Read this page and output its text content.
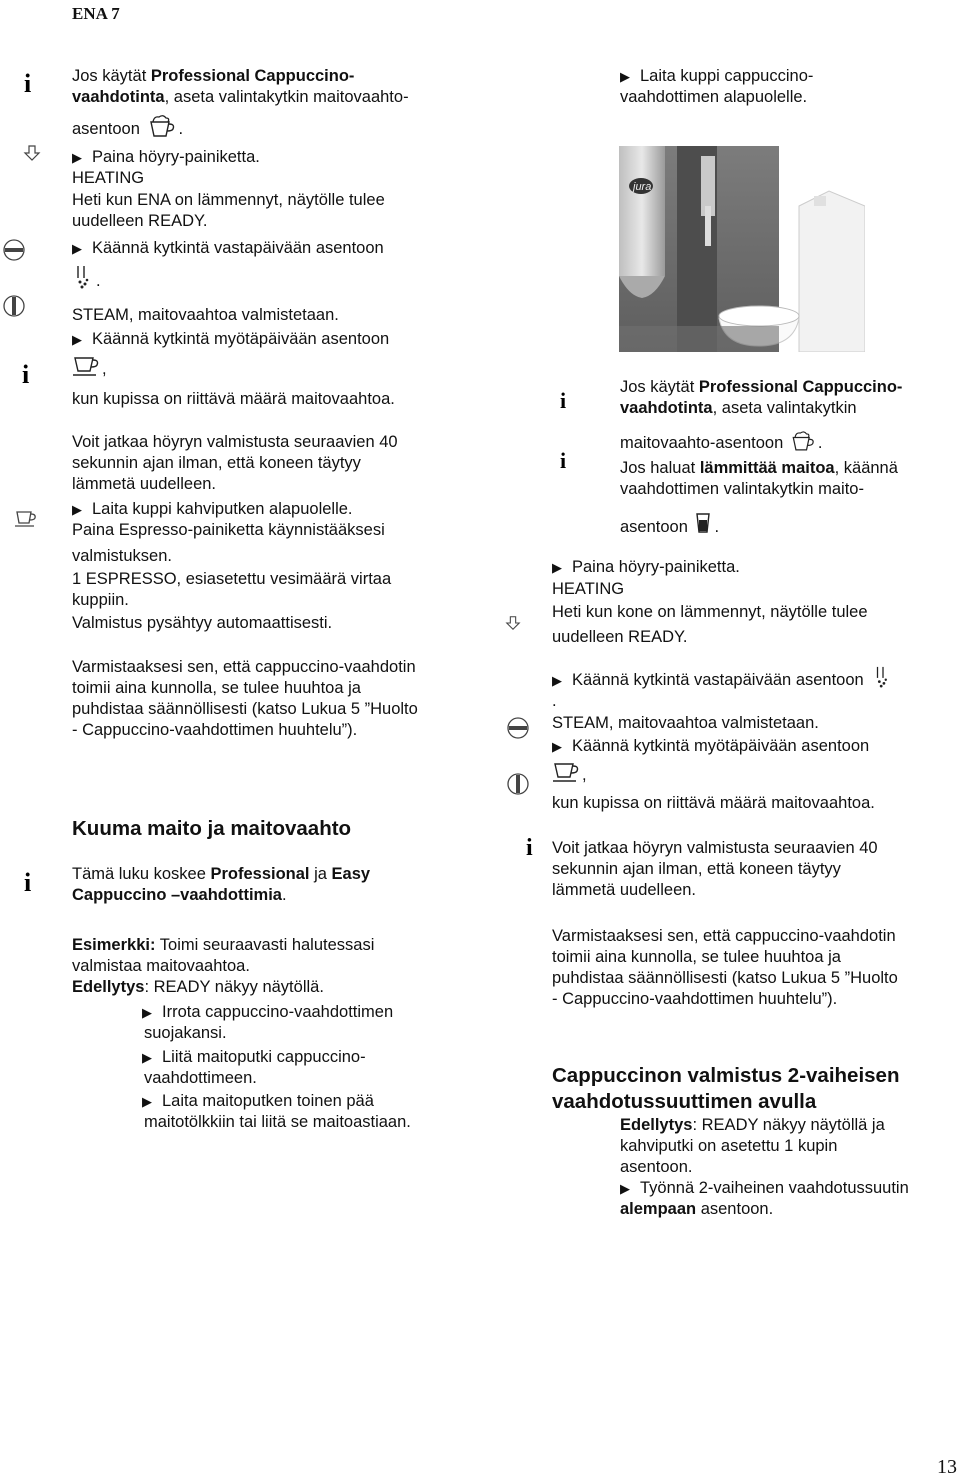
ENA 7
i
i
i
Jos käytät Professional Cappuccino-
vaahdotinta, aseta valintakytkin maitovaahto-
asentoon .
▶ Paina höyry-painiketta.
HEATING
Heti kun ENA on lämmennyt, näytölle tulee
uudelleen READY.
▶ Käännä kytkintä vastapäivään asentoon
.
STEAM, maitovaahtoa valmistetaan.
▶ Käännä kytkintä myötäpäivään asentoon
,
kun kupissa on riittävä määrä maitovaahtoa.
Voit jatkaa höyryn valmistusta seuraavien 40
sekunnin ajan ilman, että koneen täytyy
lämmetä uudelleen.
▶ Laita kuppi kahviputken alapuolelle.
Paina Espresso-painiketta käynnistääksesi
valmistuksen.
1 ESPRESSO, esiasetettu vesimäärä virtaa
kuppiin.
Valmistus pysähtyy automaattisesti.
Varmistaaksesi sen, että cappuccino-vaahdotin
toimii aina kunnolla, se tulee huuhtoa ja
puhdistaa säännöllisesti (katso Lukua 5 ”Huolto
- Cappuccino-vaahdottimen huuhtelu”).
Kuuma maito ja maitovaahto
Tämä luku koskee Professional ja Easy
Cappuccino –vaahdottimia.
Esimerkki: Toimi seuraavasti halutessasi
valmistaa maitovaahtoa.
Edellytys: READY näkyy näytöllä.
▶ Irrota cappuccino-vaahdottimen
suojakansi.
▶ Liitä maitoputki cappuccino-
vaahdottimeen.
▶ Laita maitoputken toinen pää
maitotölkkiin tai liitä se maitoastiaan.
▶ Laita kuppi cappuccino-
vaahdottimen alapuolelle.
jura
i
i
i
Jos käytät Professional Cappuccino-
vaahdotinta, aseta valintakytkin
maitovaahto-asentoon .
Jos haluat lämmittää maitoa, käännä
vaahdottimen valintakytkin maito-
asentoon .
▶ Paina höyry-painiketta.
HEATING
Heti kun kone on lämmennyt, näytölle tulee
uudelleen READY.
▶ Käännä kytkintä vastapäivään asentoon
.
STEAM, maitovaahtoa valmistetaan.
▶ Käännä kytkintä myötäpäivään asentoon
,
kun kupissa on riittävä määrä maitovaahtoa.
Voit jatkaa höyryn valmistusta seuraavien 40
sekunnin ajan ilman, että koneen täytyy
lämmetä uudelleen.
Varmistaaksesi sen, että cappuccino-vaahdotin
toimii aina kunnolla, se tulee huuhtoa ja
puhdistaa säännöllisesti (katso Lukua 5 ”Huolto
- Cappuccino-vaahdottimen huuhtelu”).
Cappuccinon valmistus 2-vaiheisen
vaahdotussuuttimen avulla
Edellytys: READY näkyy näytöllä ja
kahviputki on asetettu 1 kupin
asentoon.
▶ Työnnä 2-vaiheinen vaahdotussuutin
alempaan asentoon.
13
